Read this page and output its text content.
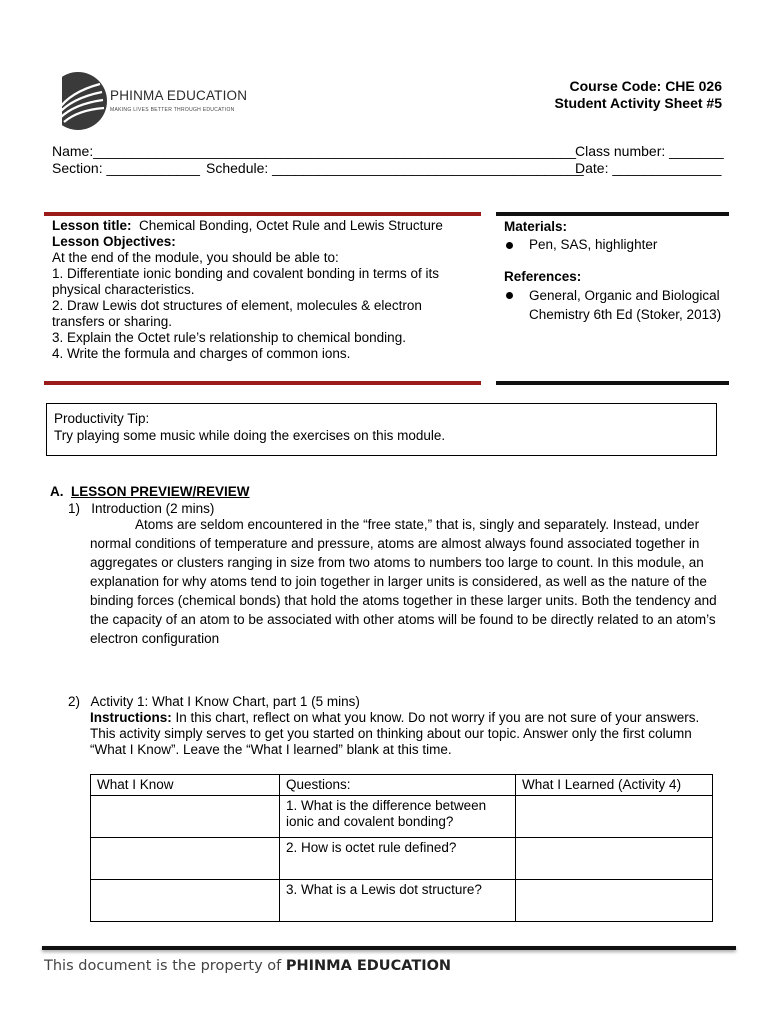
PHINMA EDUCATION
MAKING LIVES BETTER THROUGH EDUCATION
Course Code: CHE 026
Student Activity Sheet #5
Name:______________________________________________________________ Class number: _______
Section: ____________ Schedule: ________________________________________
Date: ______________
Lesson title: Chemical Bonding, Octet Rule and Lewis Structure
Lesson Objectives:
At the end of the module, you should be able to:
1. Differentiate ionic bonding and covalent bonding in terms of its physical characteristics.
2. Draw Lewis dot structures of element, molecules & electron transfers or sharing.
3. Explain the Octet rule’s relationship to chemical bonding.
4. Write the formula and charges of common ions.
Materials:
Pen, SAS, highlighter
References:
General, Organic and Biological Chemistry 6th Ed (Stoker, 2013)
Productivity Tip:
Try playing some music while doing the exercises on this module.
A. LESSON PREVIEW/REVIEW
1) Introduction (2 mins)
Atoms are seldom encountered in the “free state,” that is, singly and separately. Instead, under normal conditions of temperature and pressure, atoms are almost always found associated together in aggregates or clusters ranging in size from two atoms to numbers too large to count. In this module, an explanation for why atoms tend to join together in larger units is considered, as well as the nature of the binding forces (chemical bonds) that hold the atoms together in these larger units. Both the tendency and the capacity of an atom to be associated with other atoms will be found to be directly related to an atom’s electron configuration
2) Activity 1: What I Know Chart, part 1 (5 mins)
Instructions: In this chart, reflect on what you know. Do not worry if you are not sure of your answers. This activity simply serves to get you started on thinking about our topic. Answer only the first column “What I Know”. Leave the “What I learned” blank at this time.
What I Know	Questions:	What I Learned (Activity 4)
	1. What is the difference between ionic and covalent bonding?	
	2. How is octet rule defined?	
	3. What is a Lewis dot structure?	
This document is the property of PHINMA EDUCATION
